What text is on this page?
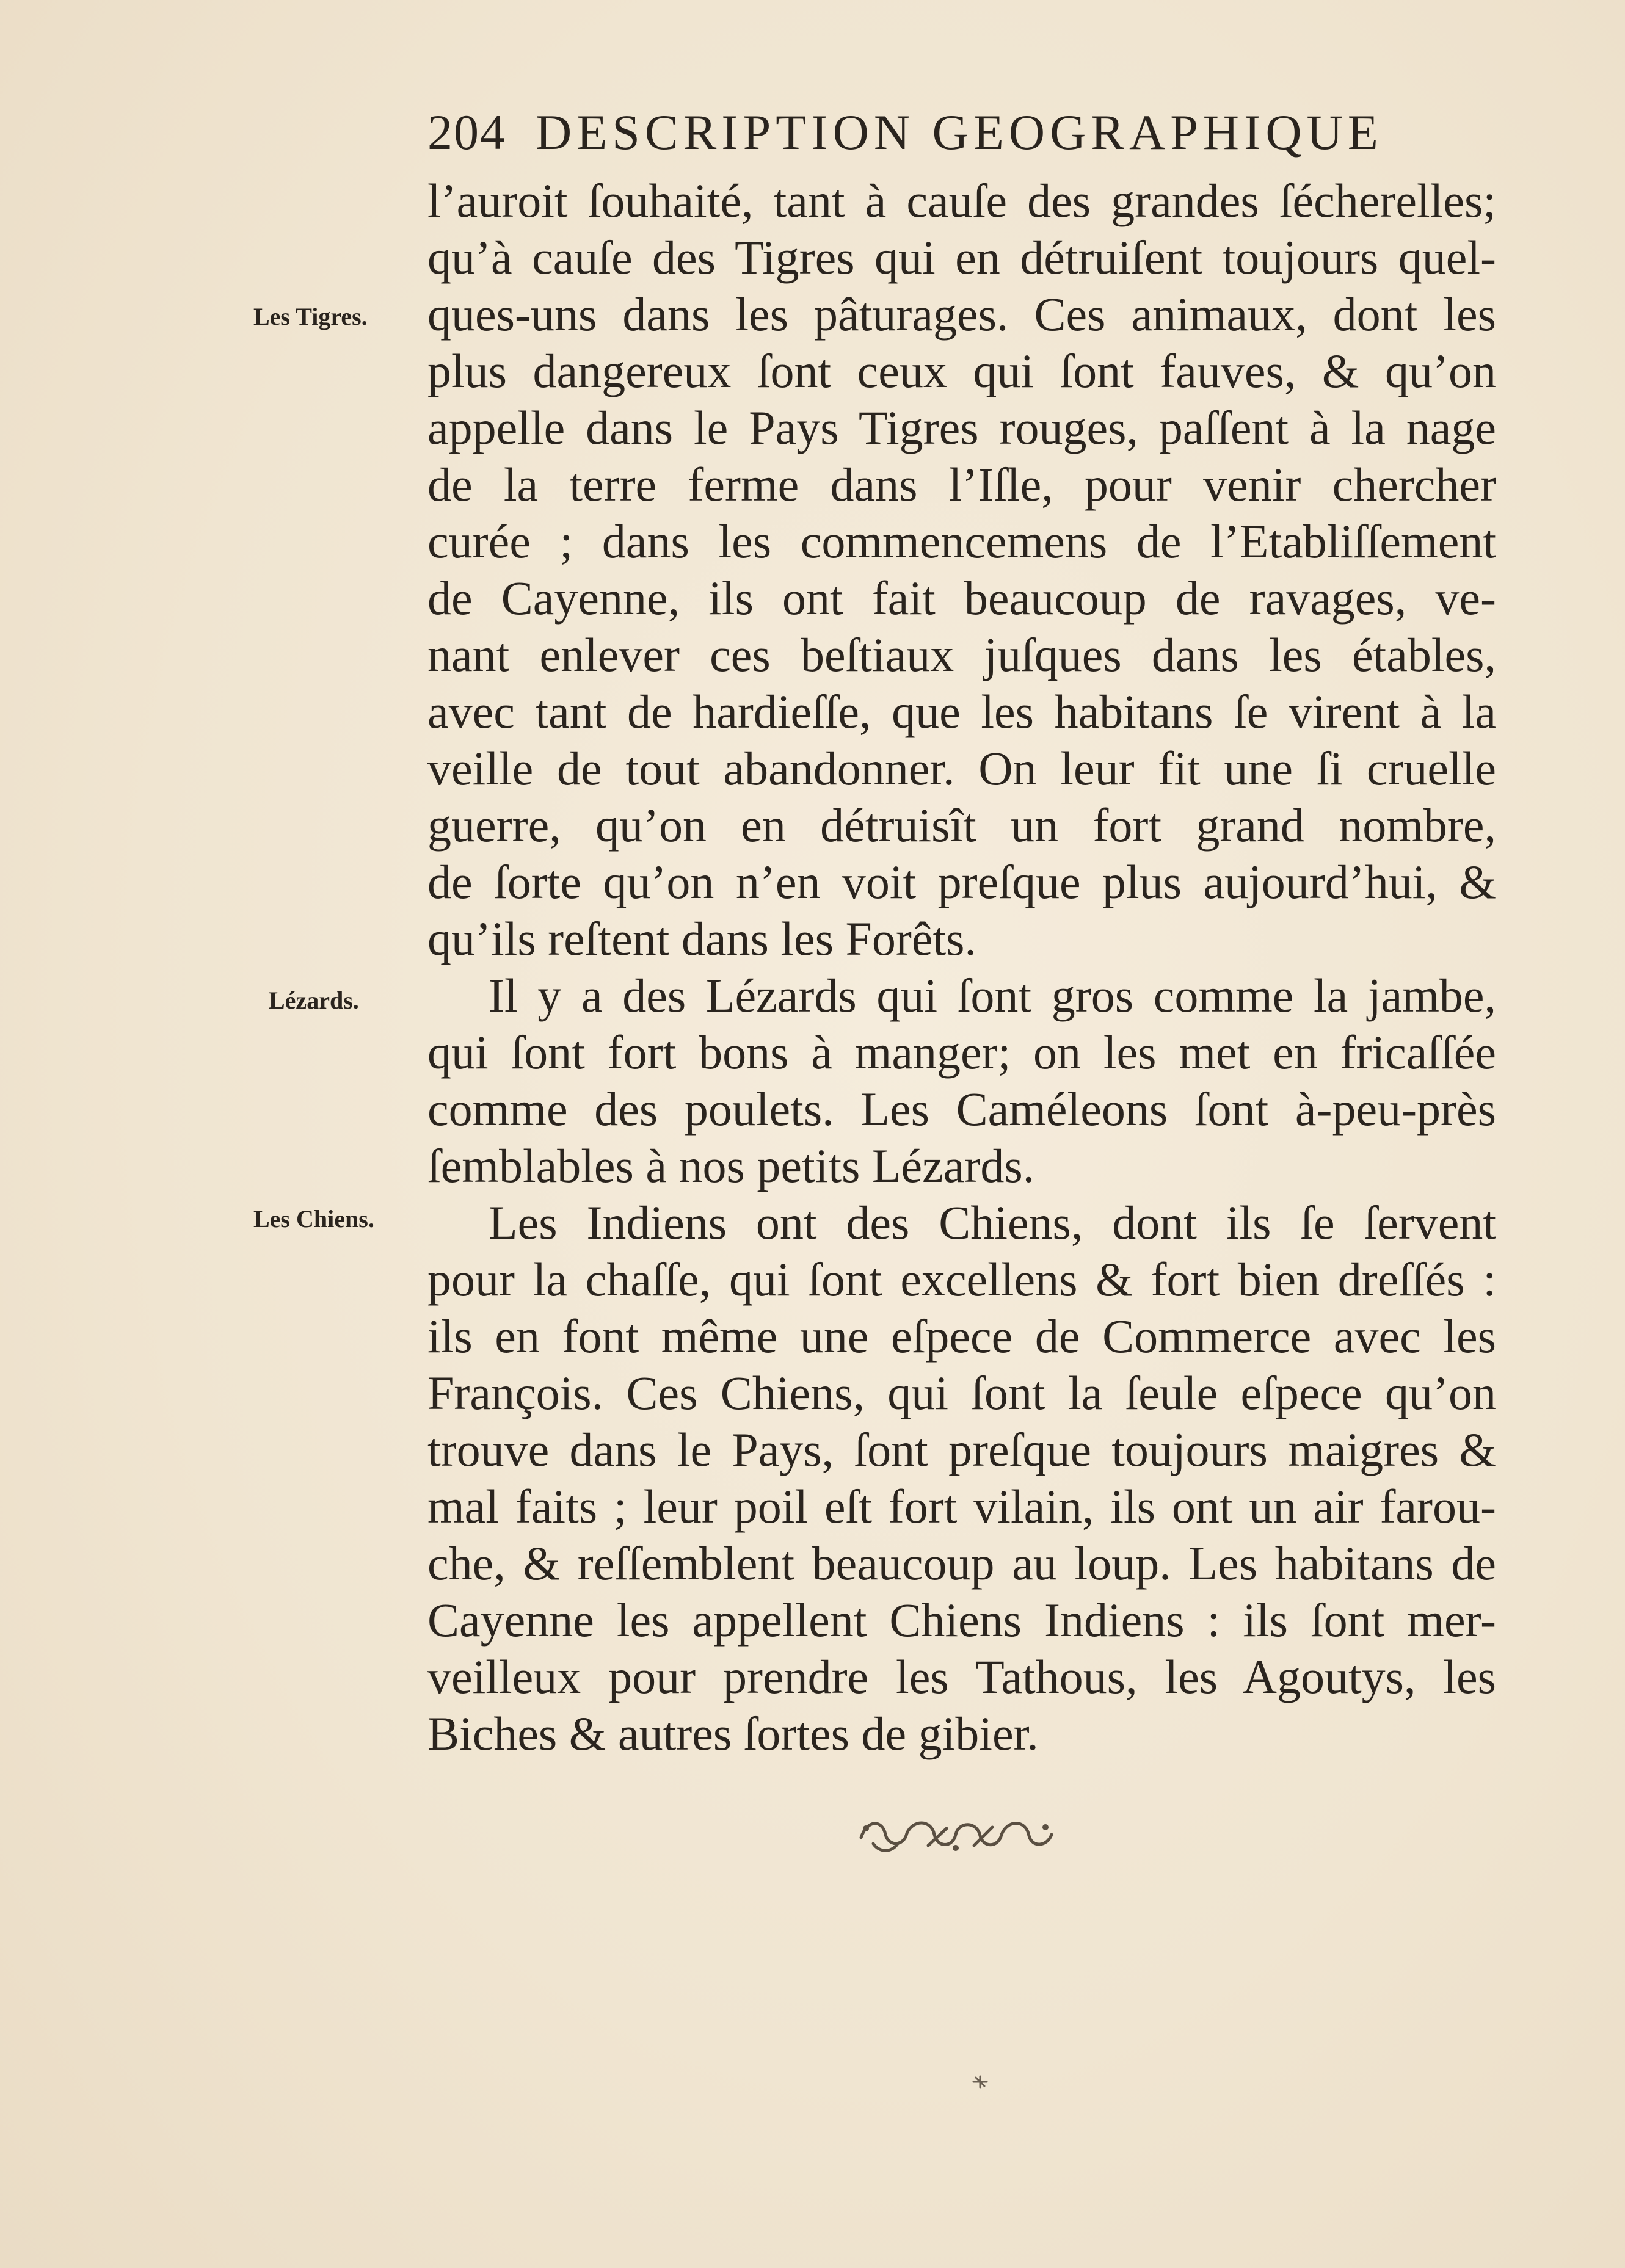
204 DESCRIPTION GEOGRAPHIQUE
Les Tigres.
Lézards.
Les Chiens.
l’auroit ſouhaité, tant à cauſe des grandes ſécherelles;
qu’à cauſe des Tigres qui en détruiſent toujours quel-
ques-uns dans les pâturages. Ces animaux, dont les
plus dangereux ſont ceux qui ſont fauves, & qu’on
appelle dans le Pays Tigres rouges, paſſent à la nage
de la terre ferme dans l’Iſle, pour venir chercher
curée ; dans les commencemens de l’Etabliſſement
de Cayenne, ils ont fait beaucoup de ravages, ve-
nant enlever ces beſtiaux juſques dans les étables,
avec tant de hardieſſe, que les habitans ſe virent à la
veille de tout abandonner. On leur fit une ſi cruelle
guerre, qu’on en détruisît un fort grand nombre,
de ſorte qu’on n’en voit preſque plus aujourd’hui, &
qu’ils reſtent dans les Forêts.
Il y a des Lézards qui ſont gros comme la jambe,
qui ſont fort bons à manger; on les met en fricaſſée
comme des poulets. Les Caméleons ſont à-peu-près
ſemblables à nos petits Lézards.
Les Indiens ont des Chiens, dont ils ſe ſervent
pour la chaſſe, qui ſont excellens & fort bien dreſſés :
ils en font même une eſpece de Commerce avec les
François. Ces Chiens, qui ſont la ſeule eſpece qu’on
trouve dans le Pays, ſont preſque toujours maigres &
mal faits ; leur poil eſt fort vilain, ils ont un air farou-
che, & reſſemblent beaucoup au loup. Les habitans de
Cayenne les appellent Chiens Indiens : ils ſont mer-
veilleux pour prendre les Tathous, les Agoutys, les
Biches & autres ſortes de gibier.
